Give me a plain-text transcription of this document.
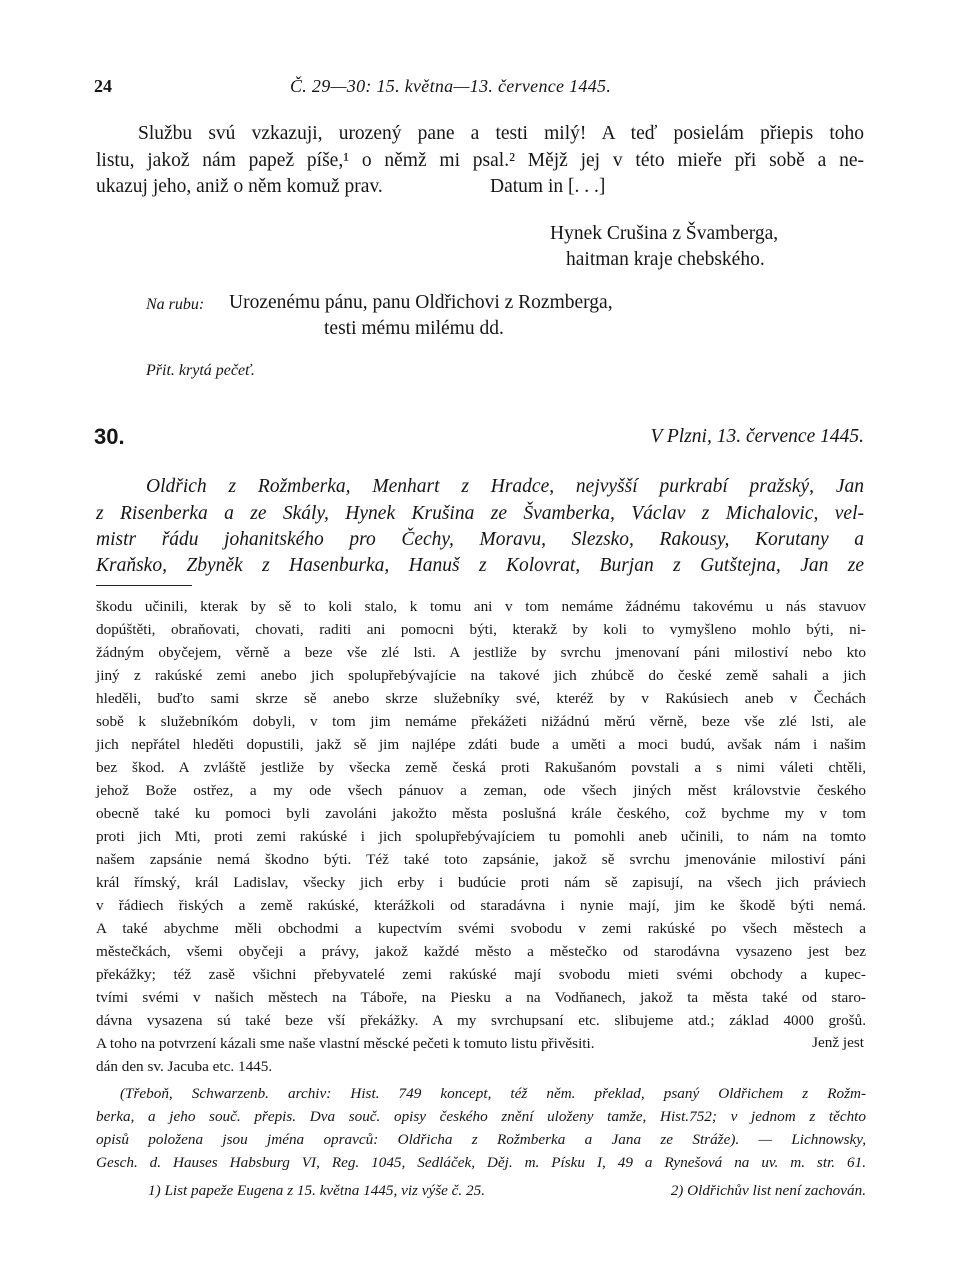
24	Č. 29—30: 15. května—13. července 1445.
Službu svú vzkazuji, urozený pane a testi milý! A teď posielám přiepis toho
listu, jakož nám papež píše,¹ o němž mi psal.² Mějž jej v této mieře při sobě a ne-
ukazuj jeho, aniž o něm komuž prav.	Datum in [. . .]
Hynek Crušina z Švamberga,
haitman kraje chebského.
Na rubu: Urozenému pánu, panu Oldřichovi z Rozmberga,
testi mému milému dd.
Přit. krytá pečeť.
30.	V Plzni, 13. července 1445.
Oldřich z Rožmberka, Menhart z Hradce, nejvyšší purkrabí pražský, Jan
z Risenberka a ze Skály, Hynek Krušina ze Švamberka, Václav z Michalovic, vel-
mistr řádu johanitského pro Čechy, Moravu, Slezsko, Rakousy, Korutany a
Kraňsko, Zbyněk z Hasenburka, Hanuš z Kolovrat, Burjan z Gutštejna, Jan ze
škodu učinili, kterak by sě to koli stalo, k tomu ani v tom nemáme žádnému takovému u nás stavuov
dopúštěti, obraňovati, chovati, raditi ani pomocni býti, kterakž by koli to vymyšleno mohlo býti, ni-
žádným obyčejem, věrně a beze vše zlé lsti. A jestliže by svrchu jmenovaní páni milostiví nebo kto
jiný z rakúské zemi anebo jich spolupřebývajície na takové jich zhúbcě do české země sahali a jich
hleděli, buďto sami skrze sě anebo skrze služebníky své, kteréž by v Rakúsiech aneb v Čechách
sobě k služebníkóm dobyli, v tom jim nemáme překážeti nižádnú měrú věrně, beze vše zlé lsti, ale
jich nepřátel hleděti dopustili, jakž sě jim najlépe zdáti bude a uměti a moci budú, avšak nám i našim
bez škod. A zvláště jestliže by všecka země česká proti Rakušanóm povstali a s nimi váleti chtěli,
jehož Bože ostřez, a my ode všech pánuov a zeman, ode všech jiných měst královstvie českého
obecně také ku pomoci byli zavoláni jakožto města poslušná krále českého, což bychme my v tom
proti jich Mti, proti zemi rakúské i jich spolupřebývajíciem tu pomohli aneb učinili, to nám na tomto
našem zapsánie nemá škodno býti. Též také toto zapsánie, jakož sě svrchu jmenovánie milostiví páni
král římský, král Ladislav, všecky jich erby i budúcie proti nám sě zapisují, na všech jich práviech
v řádiech řiských a země rakúské, kterážkoli od staradávna i nynie mají, jim ke škodě býti nemá.
A také abychme měli obchodmi a kupectvím svémi svobodu v zemi rakúské po všech městech a
městečkách, všemi obyčeji a právy, jakož každé město a městečko od starodávna vysazeno jest bez
překážky; též zasě všichni přebyvatelé zemi rakúské mají svobodu mieti svémi obchody a kupec-
tvími svémi v našich městech na Táboře, na Piesku a na Vodňanech, jakož ta města také od staro-
dávna vysazena sú také beze vší překážky. A my svrchupsaní etc. slibujeme atd.; základ 4000 grošů.
A toho na potvrzení kázali sme naše vlastní měscké pečeti k tomuto listu přivěsiti.	Jenž jest
dán den sv. Jacuba etc. 1445.
(Třeboň, Schwarzenb. archiv: Hist. 749 koncept, též něm. překlad, psaný Oldřichem z Rožm-
berka, a jeho souč. přepis. Dva souč. opisy českého znění uloženy tamže, Hist.752; v jednom z těchto
opisů položena jsou jména opravců: Oldřicha z Rožmberka a Jana ze Stráže). — Lichnowsky,
Gesch. d. Hauses Habsburg VI, Reg. 1045, Sedláček, Děj. m. Písku I, 49 a Rynešová na uv. m. str. 61.
1) List papeže Eugena z 15. května 1445, viz výše č. 25.	2) Oldřichův list není zachován.
